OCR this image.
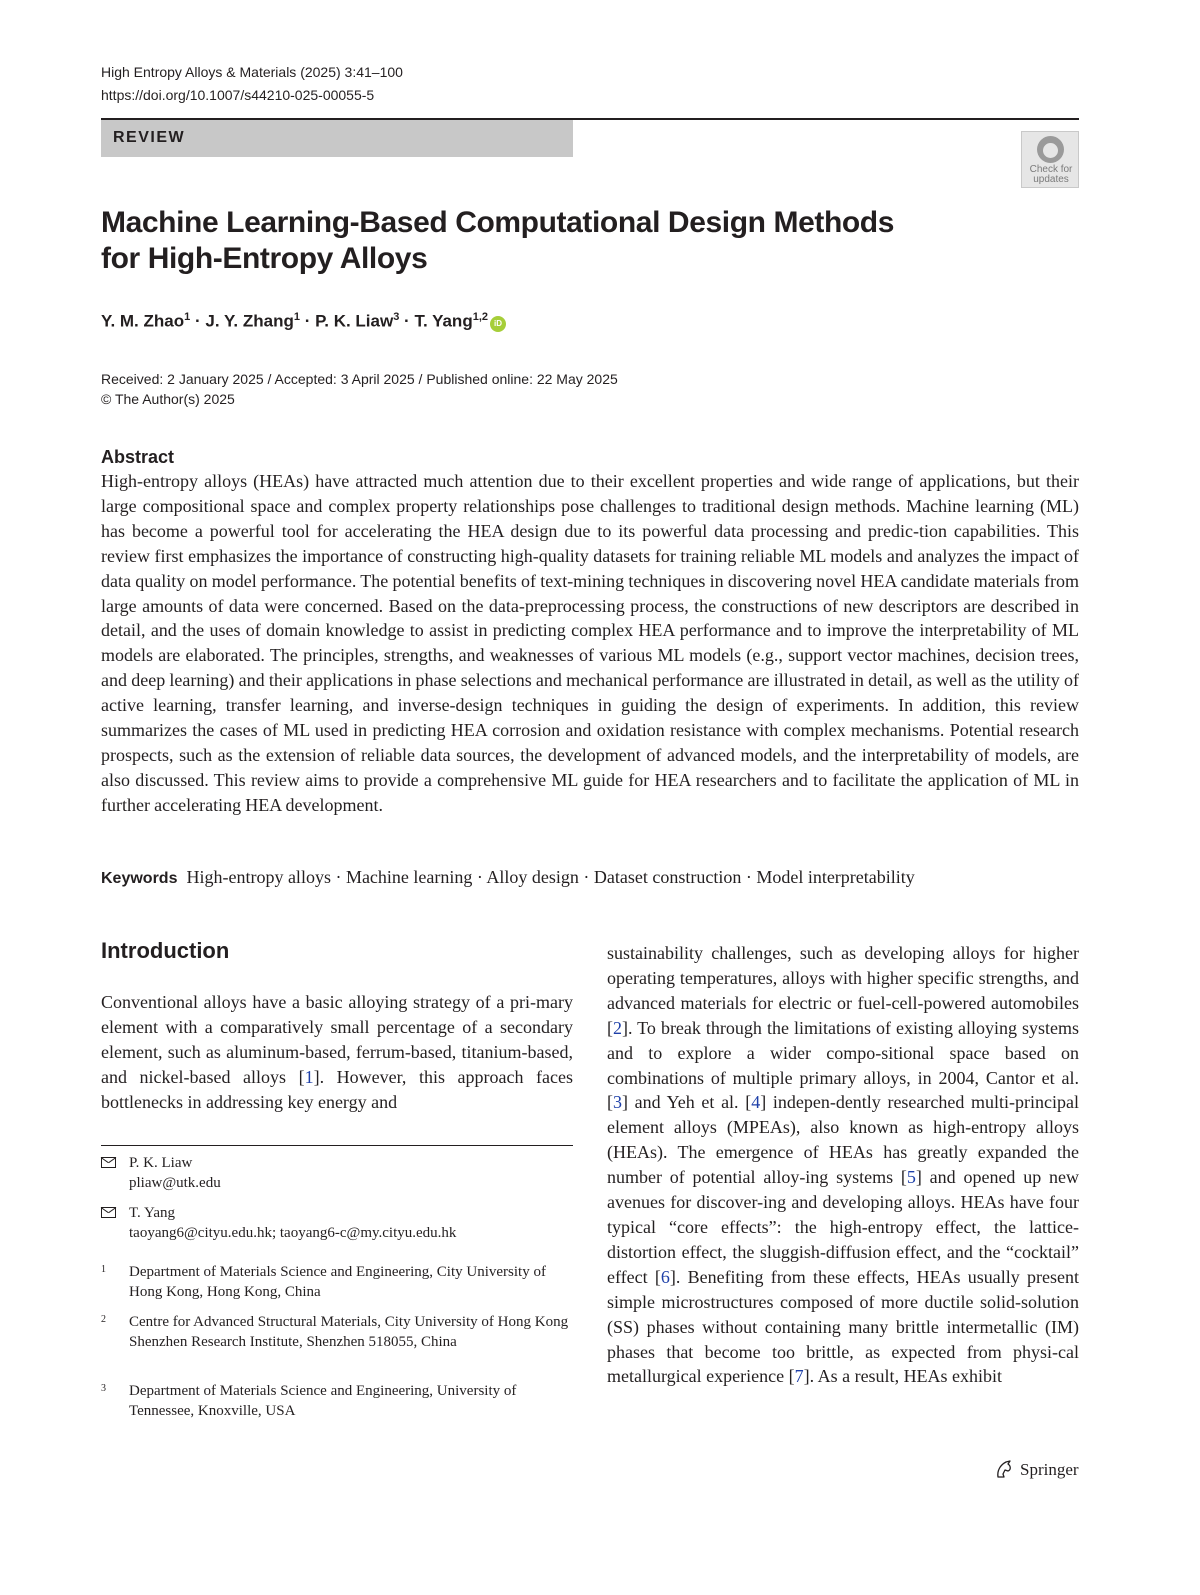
High Entropy Alloys & Materials (2025) 3:41–100
https://doi.org/10.1007/s44210-025-00055-5
REVIEW
Check for
updates
Machine Learning-Based Computational Design Methods
for High-Entropy Alloys
Y. M. Zhao$^1$ · J. Y. Zhang$^1$ · P. K. Liaw$^3$ · T. Yang$^{1,2}$iD
Received: 2 January 2025 / Accepted: 3 April 2025 / Published online: 22 May 2025
© The Author(s) 2025
Abstract
High-entropy alloys (HEAs) have attracted much attention due to their excellent properties and wide range of applications, but their large compositional space and complex property relationships pose challenges to traditional design methods. Machine learning (ML) has become a powerful tool for accelerating the HEA design due to its powerful data processing and predic-tion capabilities. This review first emphasizes the importance of constructing high-quality datasets for training reliable ML models and analyzes the impact of data quality on model performance. The potential benefits of text-mining techniques in discovering novel HEA candidate materials from large amounts of data were concerned. Based on the data-preprocessing process, the constructions of new descriptors are described in detail, and the uses of domain knowledge to assist in predicting complex HEA performance and to improve the interpretability of ML models are elaborated. The principles, strengths, and weaknesses of various ML models (e.g., support vector machines, decision trees, and deep learning) and their applications in phase selections and mechanical performance are illustrated in detail, as well as the utility of active learning, transfer learning, and inverse-design techniques in guiding the design of experiments. In addition, this review summarizes the cases of ML used in predicting HEA corrosion and oxidation resistance with complex mechanisms. Potential research prospects, such as the extension of reliable data sources, the development of advanced models, and the interpretability of models, are also discussed. This review aims to provide a comprehensive ML guide for HEA researchers and to facilitate the application of ML in further accelerating HEA development.
Keywords High-entropy alloys · Machine learning · Alloy design · Dataset construction · Model interpretability
Introduction
Conventional alloys have a basic alloying strategy of a pri-mary element with a comparatively small percentage of a secondary element, such as aluminum-based, ferrum-based, titanium-based, and nickel-based alloys [1]. However, this approach faces bottlenecks in addressing key energy and
sustainability challenges, such as developing alloys for higher operating temperatures, alloys with higher specific strengths, and advanced materials for electric or fuel-cell-powered automobiles [2]. To break through the limitations of existing alloying systems and to explore a wider compo-sitional space based on combinations of multiple primary alloys, in 2004, Cantor et al. [3] and Yeh et al. [4] indepen-dently researched multi-principal element alloys (MPEAs), also known as high-entropy alloys (HEAs). The emergence of HEAs has greatly expanded the number of potential alloy-ing systems [5] and opened up new avenues for discover-ing and developing alloys. HEAs have four typical “core effects”: the high-entropy effect, the lattice-distortion effect, the sluggish-diffusion effect, and the “cocktail” effect [6]. Benefiting from these effects, HEAs usually present simple microstructures composed of more ductile solid-solution (SS) phases without containing many brittle intermetallic (IM) phases that become too brittle, as expected from physi-cal metallurgical experience [7]. As a result, HEAs exhibit
P. K. Liaw
pliaw@utk.edu
T. Yang
taoyang6@cityu.edu.hk; taoyang6-c@my.cityu.edu.hk
1 Department of Materials Science and Engineering, City University of Hong Kong, Hong Kong, China
2 Centre for Advanced Structural Materials, City University of Hong Kong Shenzhen Research Institute, Shenzhen 518055, China
3 Department of Materials Science and Engineering, University of Tennessee, Knoxville, USA
Springer
